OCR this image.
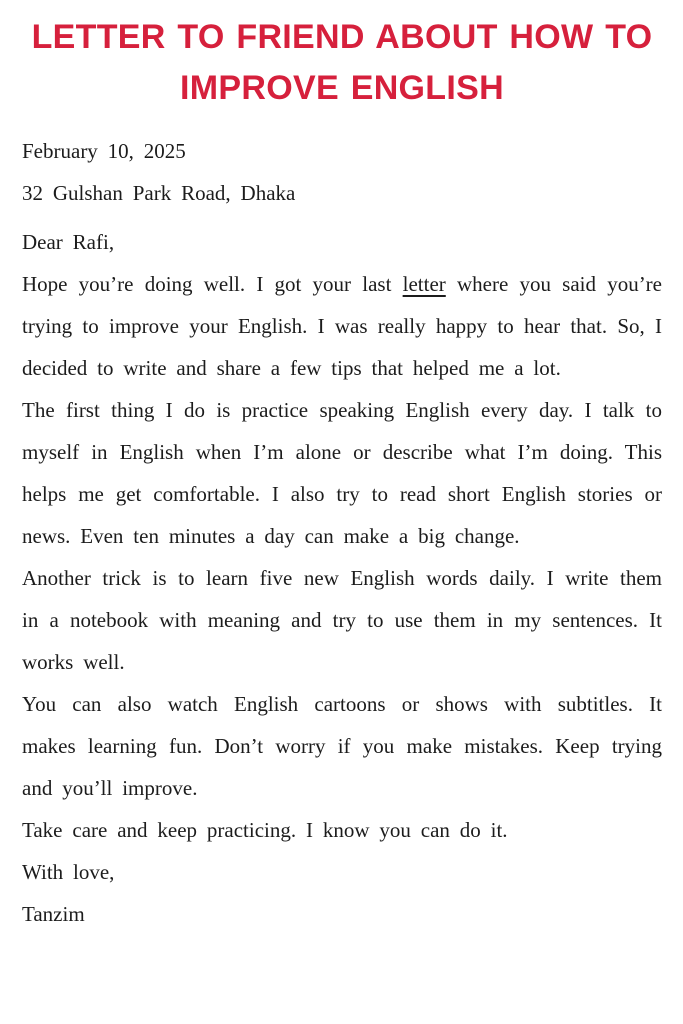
LETTER TO FRIEND ABOUT HOW TO
IMPROVE ENGLISH

February 10, 2025

32 Gulshan Park Road, Dhaka

Dear Rafi,

Hope you’re doing well. I got your last letter where you said you’re trying to improve your English. I was really happy to hear that. So, I decided to write and share a few tips that helped me a lot.

The first thing I do is practice speaking English every day. I talk to myself in English when I’m alone or describe what I’m doing. This helps me get comfortable. I also try to read short English stories or news. Even ten minutes a day can make a big change.

Another trick is to learn five new English words daily. I write them in a notebook with meaning and try to use them in my sentences. It works well.

You can also watch English cartoons or shows with subtitles. It makes learning fun. Don’t worry if you make mistakes. Keep trying and you’ll improve.

Take care and keep practicing. I know you can do it.

With love,

Tanzim
